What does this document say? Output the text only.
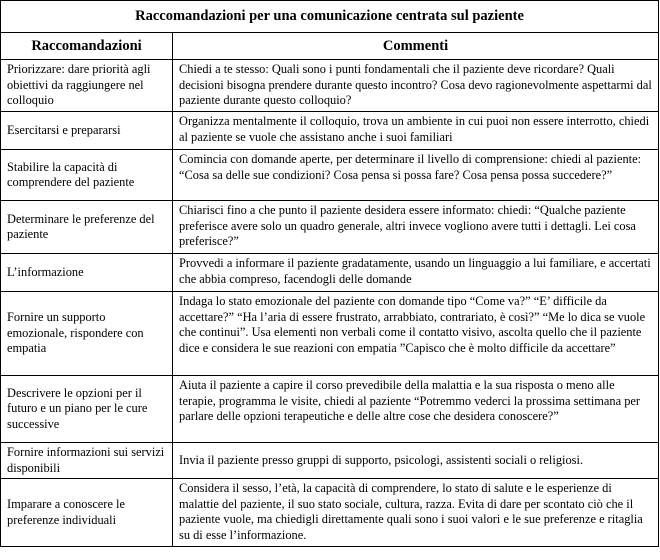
Raccomandazioni per una comunicazione centrata sul paziente	
Raccomandazioni	Commenti
Priorizzare: dare priorità agli obiettivi da raggiungere nel colloquio	Chiedi a te stesso: Quali sono i punti fondamentali che il paziente deve ricordare? Quali decisioni bisogna prendere durante questo incontro? Cosa devo ragionevolmente aspettarmi dal paziente durante questo colloquio?
Esercitarsi e prepararsi	Organizza mentalmente il colloquio, trova un ambiente in cui puoi non essere interrotto, chiedi al paziente se vuole che assistano anche i suoi familiari
Stabilire la capacità di comprendere del paziente	Comincia con domande aperte, per determinare il livello di comprensione: chiedi al paziente: “Cosa sa delle sue condizioni? Cosa pensa si possa fare? Cosa pensa possa succedere?”
Determinare le preferenze del paziente	Chiarisci fino a che punto il paziente desidera essere informato: chiedi: “Qualche paziente preferisce avere solo un quadro generale, altri invece vogliono avere tutti i dettagli. Lei cosa preferisce?”
L’informazione	Provvedi a informare il paziente gradatamente, usando un linguaggio a lui familiare, e accertati che abbia compreso, facendogli delle domande
Fornire un supporto emozionale, rispondere con empatia	Indaga lo stato emozionale del paziente con domande tipo “Come va?” “E’ difficile da accettare?” “Ha l’aria di essere frustrato, arrabbiato, contrariato, è così?” “Me lo dica se vuole che continui”. Usa elementi non verbali come il contatto visivo, ascolta quello che il paziente dice e considera le sue reazioni con empatia ”Capisco che è molto difficile da accettare”
Descrivere le opzioni per il futuro e un piano per le cure successive	Aiuta il paziente a capire il corso prevedibile della malattia e la sua risposta o meno alle terapie, programma le visite, chiedi al paziente “Potremmo vederci la prossima settimana per parlare delle opzioni terapeutiche e delle altre cose che desidera conoscere?”
Fornire informazioni sui servizi disponibili	Invia il paziente presso gruppi di supporto, psicologi, assistenti sociali o religiosi.
Imparare a conoscere le preferenze individuali	Considera il sesso, l’età, la capacità di comprendere, lo stato di salute e le esperienze di malattie del paziente, il suo stato sociale, cultura, razza. Evita di dare per scontato ciò che il paziente vuole, ma chiedigli direttamente quali sono i suoi valori e le sue preferenze e ritaglia su di esse l’informazione.
